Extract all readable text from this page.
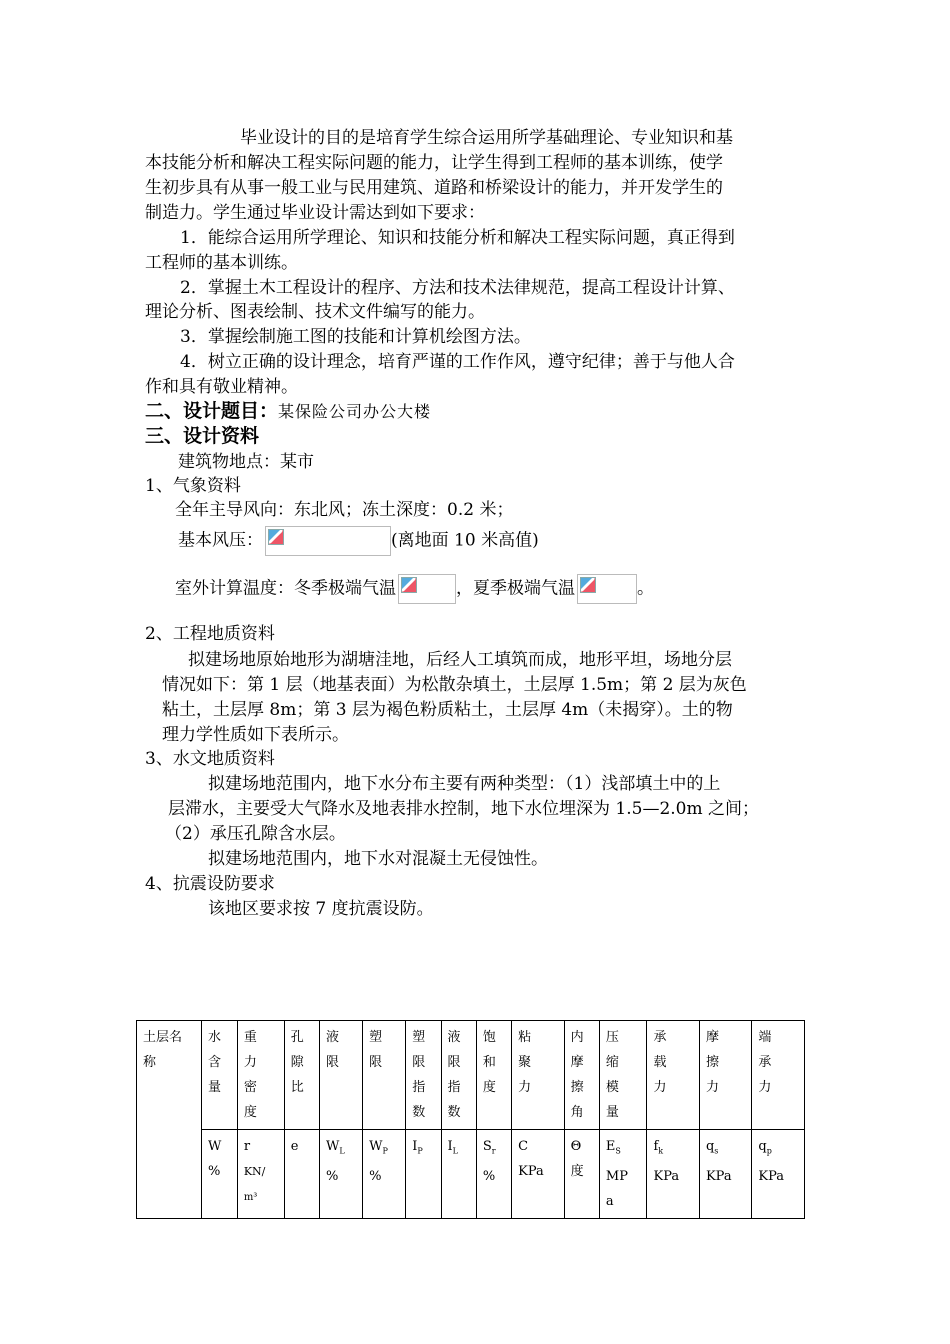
毕业设计的目的是培育学生综合运用所学基础理论、专业知识和基
本技能分析和解决工程实际问题的能力，让学生得到工程师的基本训练，使学
生初步具有从事一般工业与民用建筑、道路和桥梁设计的能力，并开发学生的
制造力。学生通过毕业设计需达到如下要求：
1．能综合运用所学理论、知识和技能分析和解决工程实际问题，真正得到
工程师的基本训练。
2．掌握土木工程设计的程序、方法和技术法律规范，提高工程设计计算、
理论分析、图表绘制、技术文件编写的能力。
3．掌握绘制施工图的技能和计算机绘图方法。
4．树立正确的设计理念，培育严谨的工作作风，遵守纪律；善于与他人合
作和具有敬业精神。
二、设计题目：某保险公司办公大楼
三、设计资料
建筑物地点：某市
1、气象资料
全年主导风向：东北风；冻土深度：0.2 米；
基本风压：	(离地面 10 米高值)
室外计算温度：冬季极端气温	，夏季极端气温	。
2、工程地质资料
拟建场地原始地形为湖塘洼地，后经人工填筑而成，地形平坦，场地分层
情况如下：第 1 层（地基表面）为松散杂填土，土层厚 1.5m；第 2 层为灰色
粘土，土层厚 8m；第 3 层为褐色粉质粘土，土层厚 4m（未揭穿）。土的物
理力学性质如下表所示。
3、水文地质资料
拟建场地范围内，地下水分布主要有两种类型：（1）浅部填土中的上
层滞水，主要受大气降水及地表排水控制，地下水位埋深为 1.5—2.0m 之间；
（2）承压孔隙含水层。
拟建场地范围内，地下水对混凝土无侵蚀性。
4、抗震设防要求
该地区要求按 7 度抗震设防。
土层名
称	水
含
量	重
力
密
度	孔
隙
比	液
限	塑
限	塑
限
指
数	液
限
指
数	饱
和
度	粘
聚
力	内
摩
擦
角	压
缩
模
量	承
载
力	摩
擦
力	端
承
力
	W
%	r
KN/
m³	e	$W_L$
%	$W_P$
%	$I_P$	$I_L$	$S_r$
%	C
KPa	Θ
度	$E_S$
MP
a	$f_k$
KPa	$q_s$
KPa	$q_p$
KPa
